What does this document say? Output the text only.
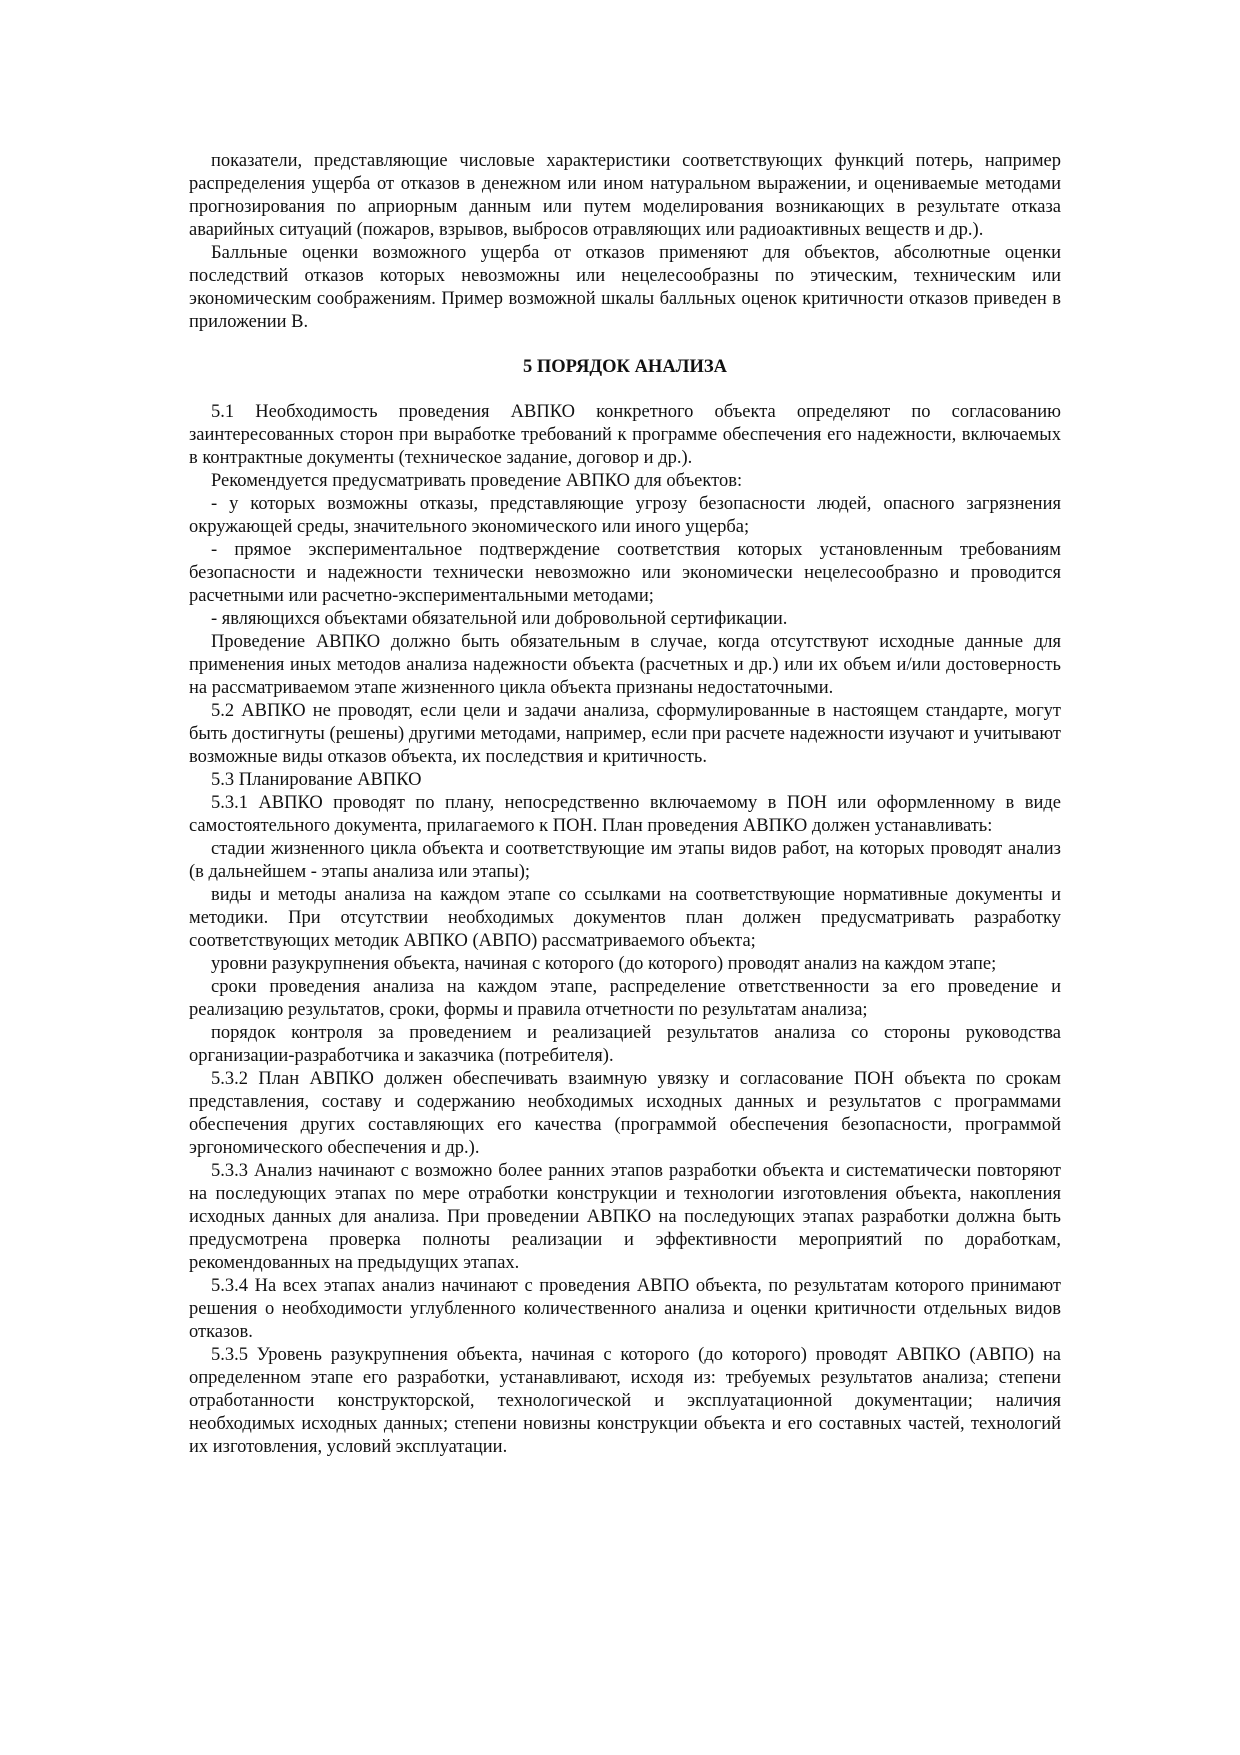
показатели, представляющие числовые характеристики соответствующих функций потерь, например распределения ущерба от отказов в денежном или ином натуральном выражении, и оцениваемые методами прогнозирования по априорным данным или путем моделирования возникающих в результате отказа аварийных ситуаций (пожаров, взрывов, выбросов отравляющих или радиоактивных веществ и др.).

Балльные оценки возможного ущерба от отказов применяют для объектов, абсолютные оценки последствий отказов которых невозможны или нецелесообразны по этическим, техническим или экономическим соображениям. Пример возможной шкалы балльных оценок критичности отказов приведен в приложении В.

5 ПОРЯДОК АНАЛИЗА

5.1 Необходимость проведения АВПКО конкретного объекта определяют по согласованию заинтересованных сторон при выработке требований к программе обеспечения его надежности, включаемых в контрактные документы (техническое задание, договор и др.).

Рекомендуется предусматривать проведение АВПКО для объектов:

- у которых возможны отказы, представляющие угрозу безопасности людей, опасного загрязнения окружающей среды, значительного экономического или иного ущерба;

- прямое экспериментальное подтверждение соответствия которых установленным требованиям безопасности и надежности технически невозможно или экономически нецелесообразно и проводится расчетными или расчетно-экспериментальными методами;

- являющихся объектами обязательной или добровольной сертификации.

Проведение АВПКО должно быть обязательным в случае, когда отсутствуют исходные данные для применения иных методов анализа надежности объекта (расчетных и др.) или их объем и/или достоверность на рассматриваемом этапе жизненного цикла объекта признаны недостаточными.

5.2 АВПКО не проводят, если цели и задачи анализа, сформулированные в настоящем стандарте, могут быть достигнуты (решены) другими методами, например, если при расчете надежности изучают и учитывают возможные виды отказов объекта, их последствия и критичность.

5.3 Планирование АВПКО

5.3.1 АВПКО проводят по плану, непосредственно включаемому в ПОН или оформленному в виде самостоятельного документа, прилагаемого к ПОН. План проведения АВПКО должен устанавливать:

стадии жизненного цикла объекта и соответствующие им этапы видов работ, на которых проводят анализ (в дальнейшем - этапы анализа или этапы);

виды и методы анализа на каждом этапе со ссылками на соответствующие нормативные документы и методики. При отсутствии необходимых документов план должен предусматривать разработку соответствующих методик АВПКО (АВПО) рассматриваемого объекта;

уровни разукрупнения объекта, начиная с которого (до которого) проводят анализ на каждом этапе;

сроки проведения анализа на каждом этапе, распределение ответственности за его проведение и реализацию результатов, сроки, формы и правила отчетности по результатам анализа;

порядок контроля за проведением и реализацией результатов анализа со стороны руководства организации-разработчика и заказчика (потребителя).

5.3.2 План АВПКО должен обеспечивать взаимную увязку и согласование ПОН объекта по срокам представления, составу и содержанию необходимых исходных данных и результатов с программами обеспечения других составляющих его качества (программой обеспечения безопасности, программой эргономического обеспечения и др.).

5.3.3 Анализ начинают с возможно более ранних этапов разработки объекта и систематически повторяют на последующих этапах по мере отработки конструкции и технологии изготовления объекта, накопления исходных данных для анализа. При проведении АВПКО на последующих этапах разработки должна быть предусмотрена проверка полноты реализации и эффективности мероприятий по доработкам, рекомендованных на предыдущих этапах.

5.3.4 На всех этапах анализ начинают с проведения АВПО объекта, по результатам которого принимают решения о необходимости углубленного количественного анализа и оценки критичности отдельных видов отказов.

5.3.5 Уровень разукрупнения объекта, начиная с которого (до которого) проводят АВПКО (АВПО) на определенном этапе его разработки, устанавливают, исходя из: требуемых результатов анализа; степени отработанности конструкторской, технологической и эксплуатационной документации; наличия необходимых исходных данных; степени новизны конструкции объекта и его составных частей, технологий их изготовления, условий эксплуатации.
